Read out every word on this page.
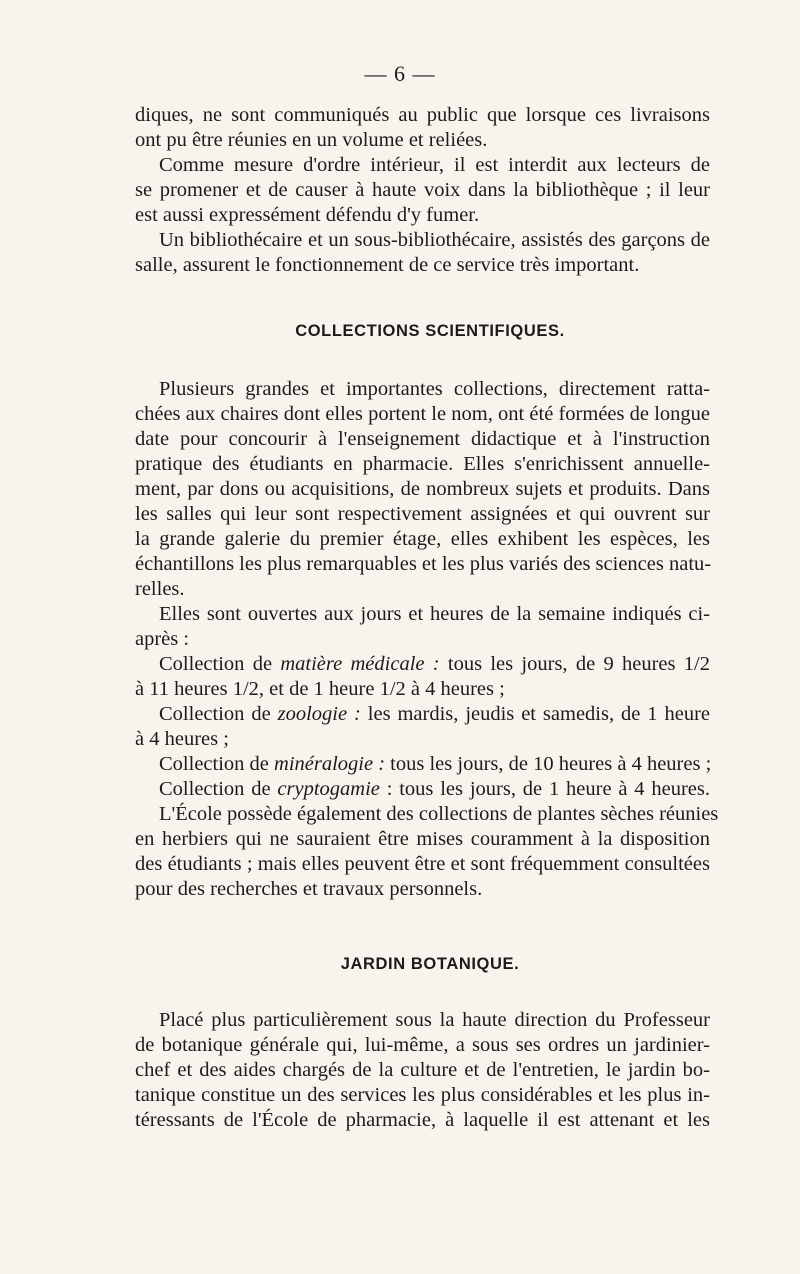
— 6 —
diques, ne sont communiqués au public que lorsque ces livraisons
ont pu être réunies en un volume et reliées.
Comme mesure d'ordre intérieur, il est interdit aux lecteurs de
se promener et de causer à haute voix dans la bibliothèque ; il leur
est aussi expressément défendu d'y fumer.
Un bibliothécaire et un sous-bibliothécaire, assistés des garçons de
salle, assurent le fonctionnement de ce service très important.
COLLECTIONS SCIENTIFIQUES.
Plusieurs grandes et importantes collections, directement ratta-
chées aux chaires dont elles portent le nom, ont été formées de longue
date pour concourir à l'enseignement didactique et à l'instruction
pratique des étudiants en pharmacie. Elles s'enrichissent annuelle-
ment, par dons ou acquisitions, de nombreux sujets et produits. Dans
les salles qui leur sont respectivement assignées et qui ouvrent sur
la grande galerie du premier étage, elles exhibent les espèces, les
échantillons les plus remarquables et les plus variés des sciences natu-
relles.
Elles sont ouvertes aux jours et heures de la semaine indiqués ci-
après :
Collection de matière médicale : tous les jours, de 9 heures 1/2
à 11 heures 1/2, et de 1 heure 1/2 à 4 heures ;
Collection de zoologie : les mardis, jeudis et samedis, de 1 heure
à 4 heures ;
Collection de minéralogie : tous les jours, de 10 heures à 4 heures ;
Collection de cryptogamie : tous les jours, de 1 heure à 4 heures.
L'École possède également des collections de plantes sèches réunies
en herbiers qui ne sauraient être mises couramment à la disposition
des étudiants ; mais elles peuvent être et sont fréquemment consultées
pour des recherches et travaux personnels.
JARDIN BOTANIQUE.
Placé plus particulièrement sous la haute direction du Professeur
de botanique générale qui, lui-même, a sous ses ordres un jardinier-
chef et des aides chargés de la culture et de l'entretien, le jardin bo-
tanique constitue un des services les plus considérables et les plus in-
téressants de l'École de pharmacie, à laquelle il est attenant et les
